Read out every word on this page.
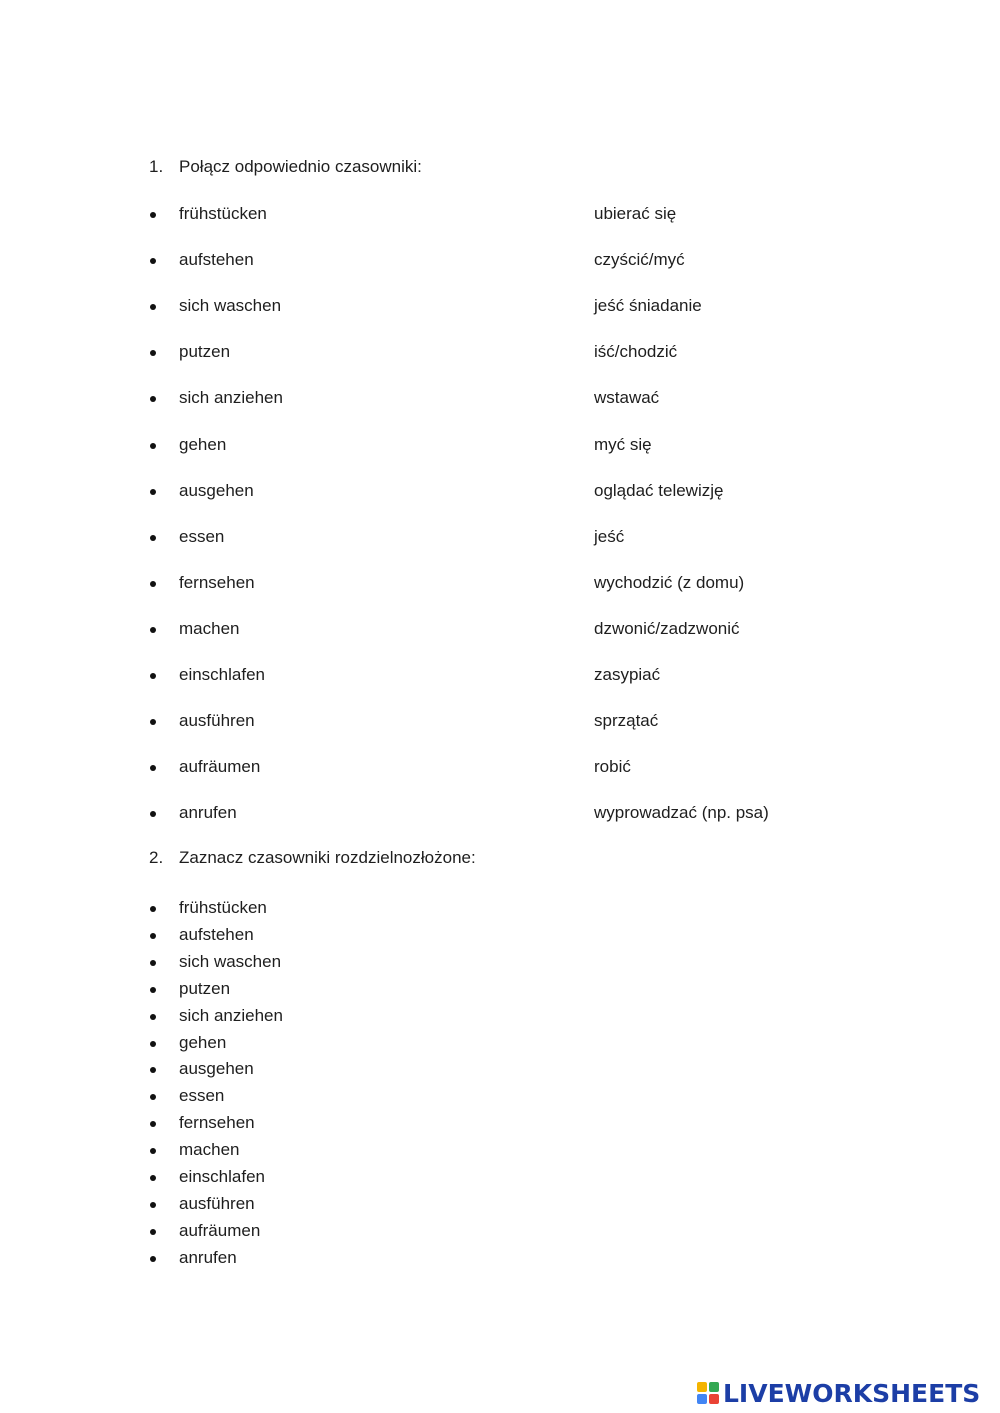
1. Połącz odpowiednio czasowniki:
frühstücken	ubierać się
aufstehen	czyścić/myć
sich waschen	jeść śniadanie
putzen	iść/chodzić
sich anziehen	wstawać
gehen	myć się
ausgehen	oglądać telewizję
essen	jeść
fernsehen	wychodzić (z domu)
machen	dzwonić/zadzwonić
einschlafen	zasypiać
ausführen	sprzątać
aufräumen	robić
anrufen	wyprowadzać (np. psa)
2. Zaznacz czasowniki rozdzielnozłożone:
frühstücken
aufstehen
sich waschen
putzen
sich anziehen
gehen
ausgehen
essen
fernsehen
machen
einschlafen
ausführen
aufräumen
anrufen
LIVEWORKSHEETS
